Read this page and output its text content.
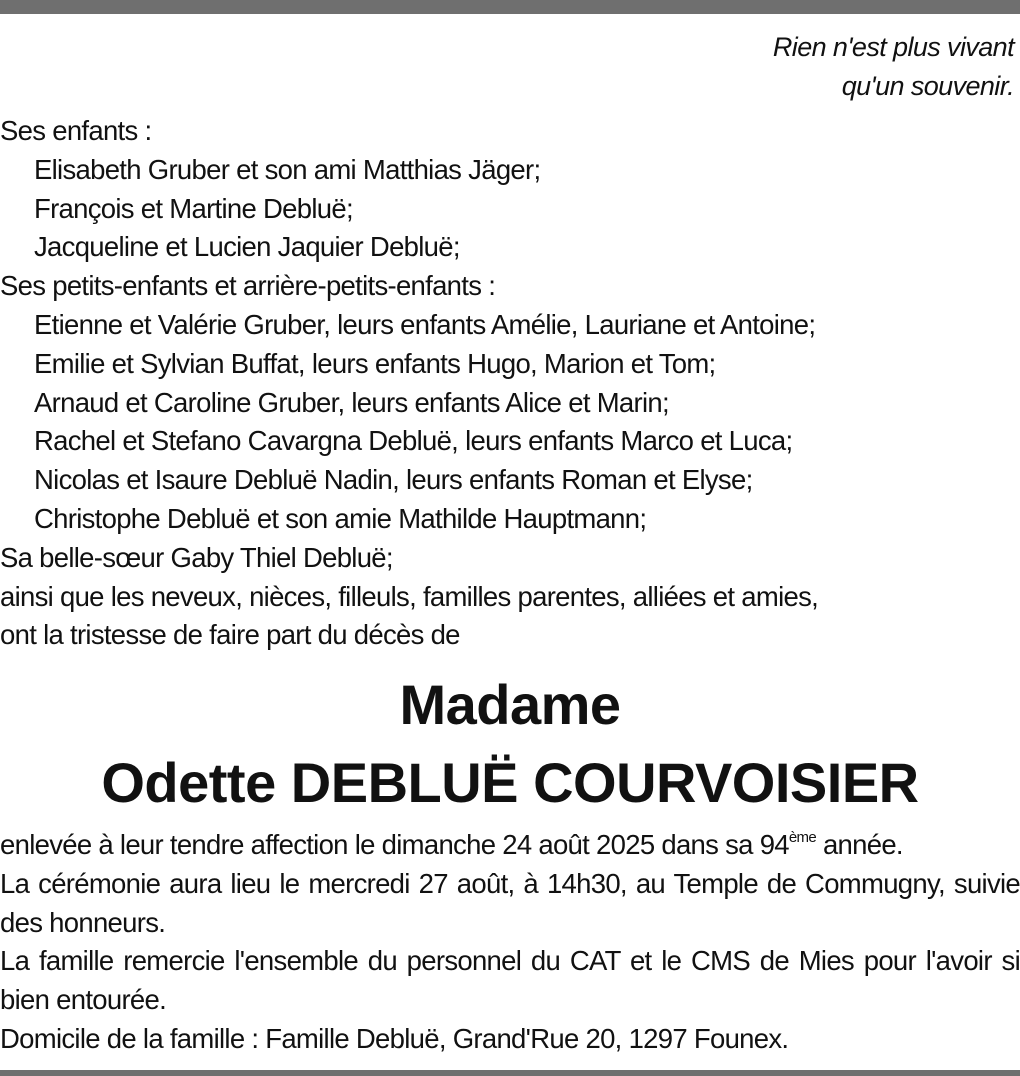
Rien n'est plus vivant
qu'un souvenir.
Ses enfants :
Elisabeth Gruber et son ami Matthias Jäger;
François et Martine Debluë;
Jacqueline et Lucien Jaquier Debluë;
Ses petits-enfants et arrière-petits-enfants :
Etienne et Valérie Gruber, leurs enfants Amélie, Lauriane et Antoine;
Emilie et Sylvian Buffat, leurs enfants Hugo, Marion et Tom;
Arnaud et Caroline Gruber, leurs enfants Alice et Marin;
Rachel et Stefano Cavargna Debluë, leurs enfants Marco et Luca;
Nicolas et Isaure Debluë Nadin, leurs enfants Roman et Elyse;
Christophe Debluë et son amie Mathilde Hauptmann;
Sa belle-sœur Gaby Thiel Debluë;
ainsi que les neveux, nièces, filleuls, familles parentes, alliées et amies,
ont la tristesse de faire part du décès de
Madame
Odette DEBLUË COURVOISIER
enlevée à leur tendre affection le dimanche 24 août 2025 dans sa 94ème année.
La cérémonie aura lieu le mercredi 27 août, à 14h30, au Temple de Commugny, suivie des honneurs.
La famille remercie l'ensemble du personnel du CAT et le CMS de Mies pour l'avoir si bien entourée.
Domicile de la famille : Famille Debluë, Grand'Rue 20, 1297 Founex.
